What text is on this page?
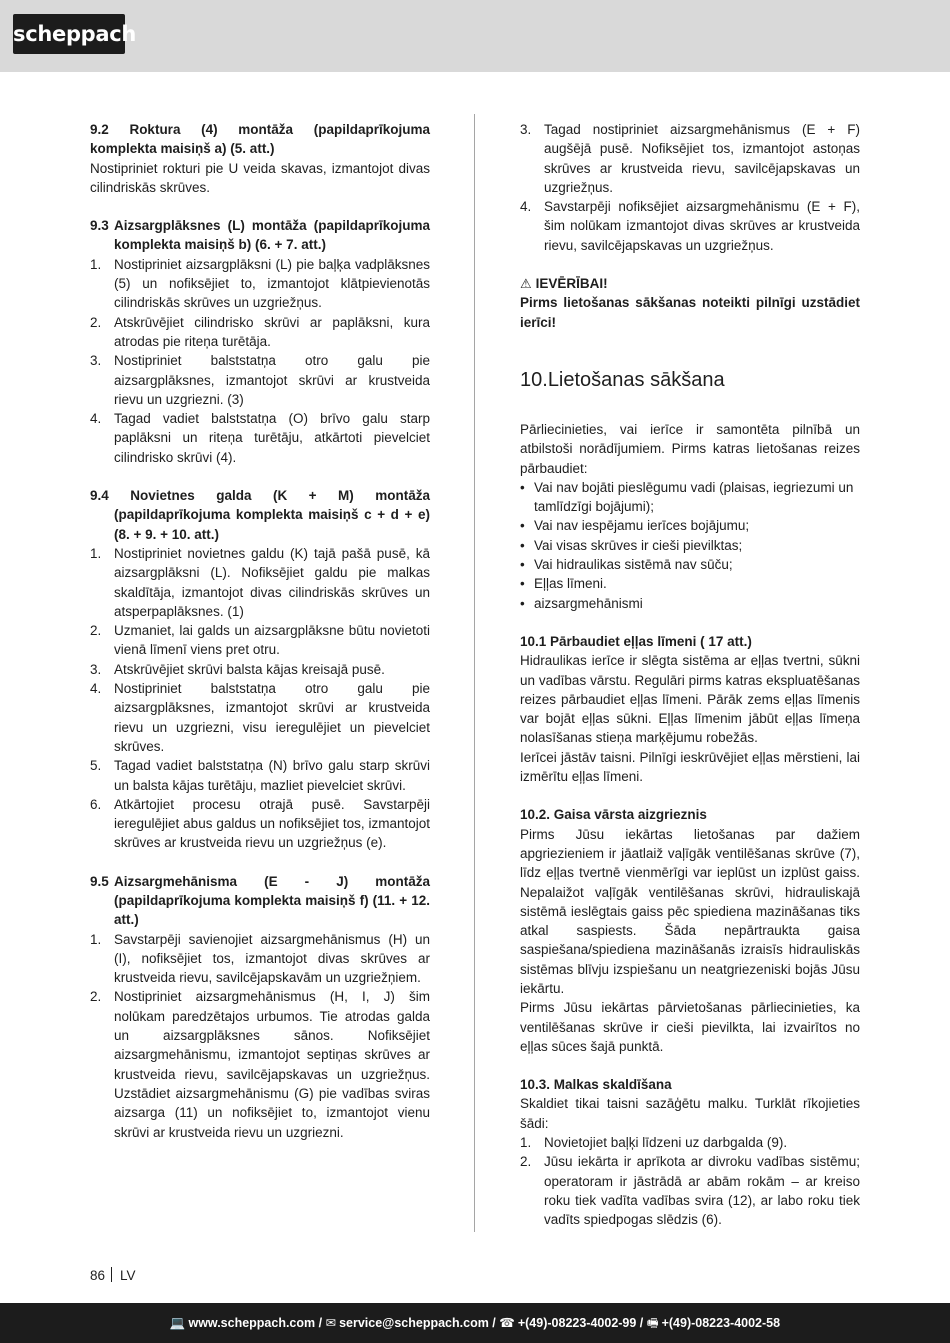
scheppach
9.2 Roktura (4) montāža (papildaprīkojuma komplekta maisiņš a) (5. att.)
Nostipriniet rokturi pie U veida skavas, izmantojot divas cilindriskās skrūves.
9.3 Aizsargplāksnes (L) montāža (papildaprīkojuma komplekta maisiņš b) (6. + 7. att.)
1. Nostipriniet aizsargplāksni (L) pie baļķa vadplāksnes (5) un nofiksējiet to, izmantojot klātpievienotās cilindriskās skrūves un uzgriežņus.
2. Atskrūvējiet cilindrisko skrūvi ar paplāksni, kura atrodas pie riteņa turētāja.
3. Nostipriniet balststatņa otro galu pie aizsargplāksnes, izmantojot skrūvi ar krustveida rievu un uzgriezni. (3)
4. Tagad vadiet balststatņa (O) brīvo galu starp paplāksni un riteņa turētāju, atkārtoti pievelciet cilindrisko skrūvi (4).
9.4 Novietnes galda (K + M) montāža (papildaprīkojuma komplekta maisiņš c + d + e) (8. + 9. + 10. att.)
1. Nostipriniet novietnes galdu (K) tajā pašā pusē, kā aizsargplāksni (L). Nofiksējiet galdu pie malkas skaldītāja, izmantojot divas cilindriskās skrūves un atsperpaplāksnes. (1)
2. Uzmaniet, lai galds un aizsargplāksne būtu novietoti vienā līmenī viens pret otru.
3. Atskrūvējiet skrūvi balsta kājas kreisajā pusē.
4. Nostipriniet balststatņa otro galu pie aizsargplāksnes, izmantojot skrūvi ar krustveida rievu un uzgriezni, visu ieregulējiet un pievelciet skrūves.
5. Tagad vadiet balststatņa (N) brīvo galu starp skrūvi un balsta kājas turētāju, mazliet pievelciet skrūvi.
6. Atkārtojiet procesu otrajā pusē. Savstarpēji ieregulējiet abus galdus un nofiksējiet tos, izmantojot skrūves ar krustveida rievu un uzgriežņus (e).
9.5 Aizsargmehānisma (E - J) montāža (papildaprīkojuma komplekta maisiņš f) (11. + 12. att.)
1. Savstarpēji savienojiet aizsargmehānismus (H) un (I), nofiksējiet tos, izmantojot divas skrūves ar krustveida rievu, savilcējapskavām un uzgriežņiem.
2. Nostipriniet aizsargmehānismus (H, I, J) šim nolūkam paredzētajos urbumos. Tie atrodas galda un aizsargplāksnes sānos. Nofiksējiet aizsargmehānismu, izmantojot septiņas skrūves ar krustveida rievu, savilcējapskavas un uzgriežņus. Uzstādiet aizsargmehānismu (G) pie vadības sviras aizsarga (11) un nofiksējiet to, izmantojot vienu skrūvi ar krustveida rievu un uzgriezni.
3. Tagad nostipriniet aizsargmehānismus (E + F) augšējā pusē. Nofiksējiet tos, izmantojot astoņas skrūves ar krustveida rievu, savilcējapskavas un uzgriežņus.
4. Savstarpēji nofiksējiet aizsargmehānismu (E + F), šim nolūkam izmantojot divas skrūves ar krustveida rievu, savilcējapskavas un uzgriežņus.
⚠ IEVĒRĪBAI!
Pirms lietošanas sākšanas noteikti pilnīgi uzstādiet ierīci!
10. Lietošanas sākšana
Pārliecinieties, vai ierīce ir samontēta pilnībā un atbilstoši norādījumiem. Pirms katras lietošanas reizes pārbaudiet:
• Vai nav bojāti pieslēgumu vadi (plaisas, iegriezumi un tamlīdzīgi bojājumi);
• Vai nav iespējamu ierīces bojājumu;
• Vai visas skrūves ir cieši pievilktas;
• Vai hidraulikas sistēmā nav sūču;
• Eļļas līmeni.
• aizsargmehānismi
10.1 Pārbaudiet eļļas līmeni ( 17 att.)
Hidraulikas ierīce ir slēgta sistēma ar eļļas tvertni, sūkni un vadības vārstu. Regulāri pirms katras ekspluatēšanas reizes pārbaudiet eļļas līmeni. Pārāk zems eļļas līmenis var bojāt eļļas sūkni. Eļļas līmenim jābūt eļļas līmeņa nolasīšanas stieņa marķējumu robežās.
Ierīcei jāstāv taisni. Pilnīgi ieskrūvējiet eļļas mērstieni, lai izmērītu eļļas līmeni.
10.2. Gaisa vārsta aizgrieznis
Pirms Jūsu iekārtas lietošanas par dažiem apgriezieniem ir jāatlaiž vaļīgāk ventilēšanas skrūve (7), līdz eļļas tvertnē vienmērīgi var ieplūst un izplūst gaiss. Nepalaižot vaļīgāk ventilēšanas skrūvi, hidrauliskajā sistēmā ieslēgtais gaiss pēc spiediena mazināšanas tiks atkal saspiests. Šāda nepārtraukta gaisa saspiešana/spiediena mazināšanās izraisīs hidrauliskās sistēmas blīvju izspiešanu un neatgriezeniski bojās Jūsu iekārtu.
Pirms Jūsu iekārtas pārvietošanas pārliecinieties, ka ventilēšanas skrūve ir cieši pievilkta, lai izvairītos no eļļas sūces šajā punktā.
10.3. Malkas skaldīšana
Skaldiet tikai taisni sazāģētu malku. Turklāt rīkojieties šādi:
1. Novietojiet baļķi līdzeni uz darbgalda (9).
2. Jūsu iekārta ir aprīkota ar divroku vadības sistēmu; operatoram ir jāstrādā ar abām rokām – ar kreiso roku tiek vadīta vadības svira (12), ar labo roku tiek vadīts spiedpogas slēdzis (6).
86 LV
💻 www.scheppach.com / ✉ service@scheppach.com / ☎ +(49)-08223-4002-99 / 🖷 +(49)-08223-4002-58
